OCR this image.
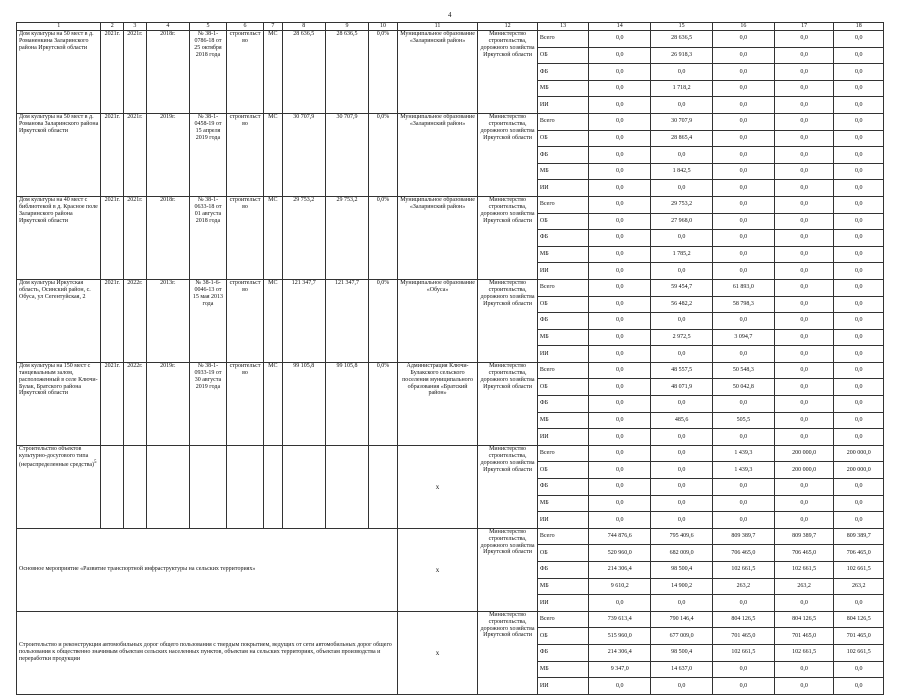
4
1	2	3	4	5	6	7	8	9	10	11	12	13	14	15	16	17	18
Дом культуры на 50 мест в д. Романенкина Заларинского района Иркутской области	2021г.	2021г.	2018г.	№ 38-1-0786-18 от 25 октября 2018 года	строительство	МС	28 636,5	28 636,5	0,0%	Муниципальное образование «Заларинский район»	Министерство строительства, дорожного хозяйства Иркутской области	Всего	0,0	28 636,5	0,0	0,0	0,0
												ОБ	0,0	26 918,3	0,0	0,0	0,0
												ФБ	0,0	0,0	0,0	0,0	0,0
												МБ	0,0	1 718,2	0,0	0,0	0,0
												ИИ	0,0	0,0	0,0	0,0	0,0
Дом культуры на 50 мест в д. Романова Заларинского района Иркутской области	2021г.	2021г.	2019г.	№ 38-1-0458-19 от 15 апреля 2019 года	строительство	МС	30 707,9	30 707,9	0,0%	Муниципальное образование «Заларинский район»	Министерство строительства, дорожного хозяйства Иркутской области	Всего	0,0	30 707,9	0,0	0,0	0,0
												ОБ	0,0	28 865,4	0,0	0,0	0,0
												ФБ	0,0	0,0	0,0	0,0	0,0
												МБ	0,0	1 842,5	0,0	0,0	0,0
												ИИ	0,0	0,0	0,0	0,0	0,0
Дом культуры на 40 мест с библиотекой в д. Красное поле Заларинского района Иркутской области	2021г.	2021г.	2018г.	№ 38-1-0633-18 от 01 августа 2018 года	строительство	МС	29 753,2	29 753,2	0,0%	Муниципальное образование «Заларинский район»	Министерство строительства, дорожного хозяйства Иркутской области	Всего	0,0	29 753,2	0,0	0,0	0,0
												ОБ	0,0	27 968,0	0,0	0,0	0,0
												ФБ	0,0	0,0	0,0	0,0	0,0
												МБ	0,0	1 785,2	0,0	0,0	0,0
												ИИ	0,0	0,0	0,0	0,0	0,0
Дом культуры Иркутская область, Осинский район, с. Обуса, ул Сегентуйская, 2	2021г.	2022г.	2013г.	№ 38-1-6-0046-13 от 15 мая 2013 года	строительство	МС	121 347,7	121 347,7	0,0%	Муниципальное образование «Обуса»	Министерство строительства, дорожного хозяйства Иркутской области	Всего	0,0	59 454,7	61 893,0	0,0	0,0
												ОБ	0,0	56 482,2	58 798,3	0,0	0,0
												ФБ	0,0	0,0	0,0	0,0	0,0
												МБ	0,0	2 972,5	3 094,7	0,0	0,0
												ИИ	0,0	0,0	0,0	0,0	0,0
Дом культуры на 150 мест с танцевальным залом, расположенный в селе Ключи-Булак, Братского района Иркутской области	2021г.	2022г.	2019г.	№ 38-1-0933-19 от 30 августа 2019 года	строительство	МС	99 105,8	99 105,8	0,0%	Администрация Ключи-Булакского сельского поселения муниципального образования «Братский район»	Министерство строительства, дорожного хозяйства Иркутской области	Всего	0,0	48 557,5	50 548,3	0,0	0,0
												ОБ	0,0	48 071,9	50 042,8	0,0	0,0
												ФБ	0,0	0,0	0,0	0,0	0,0
												МБ	0,0	485,6	505,5	0,0	0,0
												ИИ	0,0	0,0	0,0	0,0	0,0
Строительство объектов культурно-досугового типа (нераспределенные средства)$^5$										х	Министерство строительства, дорожного хозяйства Иркутской области	Всего	0,0	0,0	1 439,3	200 000,0	200 000,0
												ОБ	0,0	0,0	1 439,3	200 000,0	200 000,0
												ФБ	0,0	0,0	0,0	0,0	0,0
												МБ	0,0	0,0	0,0	0,0	0,0
												ИИ	0,0	0,0	0,0	0,0	0,0
Основное мероприятие «Развитие транспортной инфраструктуры на сельских территориях»										х	Министерство строительства, дорожного хозяйства Иркутской области	Всего	744 876,6	795 409,6	809 389,7	809 389,7	809 389,7
												ОБ	520 960,0	682 009,0	706 465,0	706 465,0	706 465,0
												ФБ	214 306,4	98 500,4	102 661,5	102 661,5	102 661,5
												МБ	9 610,2	14 900,2	263,2	263,2	263,2
												ИИ	0,0	0,0	0,0	0,0	0,0
Строительство и реконструкция автомобильных дорог общего пользования с твердым покрытием, ведущих от сети автомобильных дорог общего пользования к общественно значимым объектам сельских населенных пунктов, объектам на сельских территориях, объектам производства и переработки продукции										х	Министерство строительства, дорожного хозяйства Иркутской области	Всего	739 613,4	790 146,4	804 126,5	804 126,5	804 126,5
												ОБ	515 960,0	677 009,0	701 465,0	701 465,0	701 465,0
												ФБ	214 306,4	98 500,4	102 661,5	102 661,5	102 661,5
												МБ	9 347,0	14 637,0	0,0	0,0	0,0
												ИИ	0,0	0,0	0,0	0,0	0,0
